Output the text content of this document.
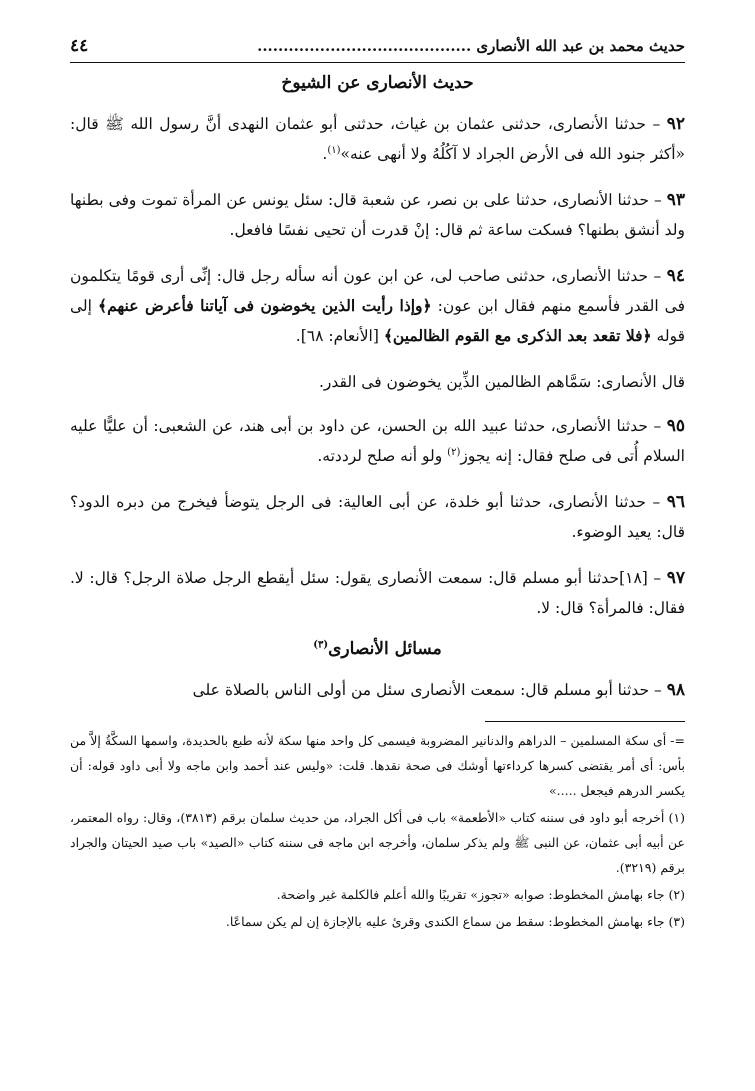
حديث محمد بن عبد الله الأنصارى .........................................
٤٤
حديث الأنصارى عن الشيوخ

٩٢ – حدثنا الأنصارى، حدثنى عثمان بن غياث، حدثنى أبو عثمان النهدى أنَّ رسول الله ﷺ قال: «أكثر جنود الله فى الأرض الجراد لا آكُلُهُ ولا أنهى عنه»$^{(١)}$.

٩٣ – حدثنا الأنصارى، حدثنا على بن نصر، عن شعبة قال: سئل يونس عن المرأة تموت وفى بطنها ولد أنشق بطنها؟ فسكت ساعة ثم قال: إنْ قدرت أن تحيى نفسًا فافعل.

٩٤ – حدثنا الأنصارى، حدثنى صاحب لى، عن ابن عون أنه سأله رجل قال: إنِّى أرى قومًا يتكلمون فى القدر فأسمع منهم فقال ابن عون: ﴿وإذا رأيت الذين يخوضون فى آياتنا فأعرض عنهم﴾ إلى قوله ﴿فلا تقعد بعد الذكرى مع القوم الظالمين﴾ [الأنعام: ٦٨].

قال الأنصارى: سَمَّاهم الظالمين الذِّين يخوضون فى القدر.

٩٥ – حدثنا الأنصارى، حدثنا عبيد الله بن الحسن، عن داود بن أبى هند، عن الشعبى: أن عليًّا عليه السلام أُتى فى صلح فقال: إنه يجوز$^{(٢)}$ ولو أنه صلح لرددته.

٩٦ – حدثنا الأنصارى، حدثنا أبو خلدة، عن أبى العالية: فى الرجل يتوضأ فيخرج من دبره الدود؟ قال: يعيد الوضوء.

٩٧ – [١٨]حدثنا أبو مسلم قال: سمعت الأنصارى يقول: سئل أيقطع الرجل صلاة الرجل؟ قال: لا. فقال: فالمرأة؟ قال: لا.

مسائل الأنصارى$^{(٣)}$

٩٨ – حدثنا أبو مسلم قال: سمعت الأنصارى سئل من أولى الناس بالصلاة على

=- أى سكة المسلمين – الدراهم والدنانير المضروبة فيسمى كل واحد منها سكة لأنه طبع بالحديدة، واسمها السكَّةُ إلاَّ من بأس: أى أمر يقتضى كسرها كرداءتها أوشك فى صحة نقدها. قلت: «وليس عند أحمد وابن ماجه ولا أبى داود قوله: أن يكسر الدرهم فيجعل .....»

(١) أخرجه أبو داود فى سننه كتاب «الأطعمة» باب فى أكل الجراد، من حديث سلمان برقم (٣٨١٣)، وقال: رواه المعتمر، عن أبيه أبى عثمان، عن النبى ﷺ ولم يذكر سلمان، وأخرجه ابن ماجه فى سننه كتاب «الصيد» باب صيد الحيتان والجراد برقم (٣٢١٩).

(٢) جاء بهامش المخطوط: صوابه «تجوز» تقريبًا والله أعلم فالكلمة غير واضحة.

(٣) جاء بهامش المخطوط: سقط من سماع الكندى وقرئ عليه بالإجازة إن لم يكن سماعًا.
